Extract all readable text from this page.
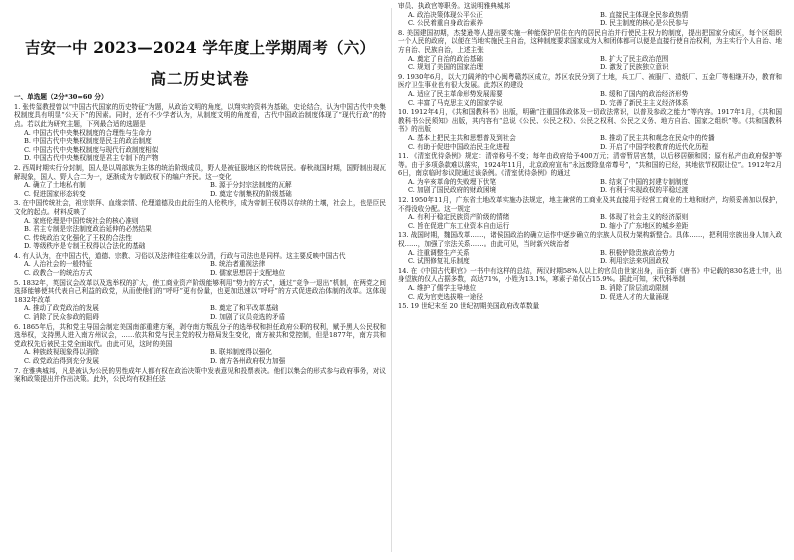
吉安一中 2023—2024 学年度上学期周考（六）
高二历史试卷
一、单选题（2分*30=60 分）

1. 张传玺教授曾以“中国古代国家的历史特征”为题，从政治文明的角度，以翔实的资料为基础，史论结合，认为中国古代中央集权制度具有明显“公天下”的因素。同时，还有不少学者认为，从制度文明的角度看，古代中国政治制度体现了“现代行政”的特点。若以此为研究主题，下列最合适的选题是

A. 中国古代中央集权制度的合理性与生命力
B. 中国古代中央集权制度是民主的政治制度
C. 中国古代中央集权制度与现代行政制度相似
D. 中国古代中央集权制度是君主专制下的产物

2. 西周时期实行分封制，国人是以周部族为主体的统治阶级成员，野人是被征服地区的传统居民。春秋战国时期，国野制出现瓦解现象，国人、野人合二为一，逐渐成为专制政权下的编户齐民。这一变化

A. 确立了土地私有制	B. 源于分封宗法制度的瓦解
C. 促进国家形态转变	D. 奠定专制集权的阶级基础

3. 在中国传统社会，祖宗崇拜、血缘亲情、伦理道德及由此衍生的人伦秩序，成为帝制王权得以存续的土壤，社会上，也是臣民文化的起点。材料反映了

A. 家庭伦理是中国传统社会的核心准则
B. 君主专制是宗法制度政治延伸的必然结果
C. 传统政治文化强化了王权的合法性
D. 等级秩序是专制王权得以合法化的基础

4. 有人认为，在中国古代，道德、宗教、习俗以及法律往往难以分清，行政与司法也是同样。这主要反映中国古代

A. 人治社会的一般特征	B. 统治者重视法律
C. 政教合一的统治方式	D. 儒家思想居于支配地位

5. 1832年，英国议会改革以及选举权的扩大，使工商业资产阶级能够利用“势力的方式”，通过“竞争一退出”机制，在两党之间选择能够使其代表自己利益的政党，从而使他们的“呼吁”更有份量，也更加迅速以“呼吁”的方式促进政治体制的改革。这体现1832年改革

A. 推动了政党政治的发展	B. 奠定了和平改革基础
C. 消除了民众参政的阻碍	D. 加剧了议员竞选的矛盾

6. 1865年后，共和党主导国会制定美国南部重建方案，剥夺南方叛乱分子的选举权和担任政府公职的权利，赋予黑人公民权和选举权，支持黑人进入南方州议会，……依共和党与民主党的权力格局发生变化，南方被共和党控制，但是1877年，南方共和党政权先后被民主党全面取代。由此可见，这时的美国

A. 种族歧视现象得以消除	B. 联邦制度得以强化
C. 政党政治得到充分发展	D. 南方各州政府权力加强

7. 在雅典城邦，凡是被认为公民的男性成年人都有权在政治决策中发表意见和投票表决。他们以集会的形式参与政府事务，对议案和政策提出并作出决策。此外，公民均有权担任法

审员、执政官等职务。这说明雅典城邦

A. 政治决策体现公平公正	B. 直接民主体现全民参政热情
C. 公民着重自身政治素养	D. 民主制度的核心是公民参与

8. 美国建国初期，杰斐逊等人提出要实施一种能保护居住在内的居民自治并行使民主权力的制度，提出把国家分成区，每个区组织一个人民的政府，以便在当地实施民主自治，这种制度要求国家成为人和团体都可以便是直接行使自治权利，为主实行个人自治、地方自治、民族自治，上述主张

A. 奠定了自治的政治基础	B. 扩大了民主政治范围
C. 规划了美国的国家治理	D. 激发了民族独立意识

9. 1930年6月，以大刀阔斧的中心闽粤赣苏区成立，苏区农民分到了土地，兵工厂、被服厂、造纸厂、五金厂等相继开办，教育和医疗卫生事业也有很大发展。此苏区的建设

A. 适应了民主革命形势发展需要	B. 缓和了国内的政治经济形势
C. 丰富了马克思主义的国家学说	D. 完善了新民主主义经济体系

10. 1912年4月，《共和国教科书》出版，明确“注重国体政体及一切政法常识，以普及参政之能力”等内容。1917年1月，《共和国教科书公民须知》出版，其内容有“总说《公民、公民之权》、公民之权利、公民之义务、地方自治、国家之组织”等。《共和国教科书》的出版

A. 基本上把民主共和思想普及到社会	B. 推动了民主共和观念在民众中的传播
C. 有助于促进中国政治民主化进程	D. 开启了中国学校教育的近代化历程

11. 《清室优待条例》规定：清帝称号不变；每年由政府给予400万元；清帝暂居宫禁，以后移居颐和园；原有私产由政府保护等等。由于多项条款难以落实，1924年11月，北京政府宣布“永远废除皇帝尊号”，“共和国的已经，其地依节权限让位”。1912年2月6日，南京临时参议院通过该条例。《清室优待条例》的通过

A. 为辛亥革命的失败埋下伏笔	B. 结束了中国的封建专制制度
C. 加剧了国民政府的财政困境	D. 有利于实现政权的平稳过渡

12. 1950年11月，广东省土地改革实施办法规定，地主兼营的工商业及其直接用于经营工商业的土地和财产，均须妥善加以保护，不得没收分配。这一规定

A. 有利于稳定民族资产阶级的情绪	B. 体现了社会主义的经济原则
C. 旨在促进广东工业资本自由运行	D. 缩小了广东地区的城乡差距

13. 战国时期，魏国改革……，诸侯国政治的确立运作中逐步确立的宗族人员权力架构新整合。具体……，把利用宗族出身人加入政权……，加强了宗法关系……。由此可见，当时新兴统治者

A. 注重调整生产关系	B. 积极铲除贵族政治势力
C. 试图修复礼乐制度	D. 利用宗法来巩固政权

14. 在《中国古代职官》一书中有这样的总结，两汉时期58%人以上的官员由世家出身，而在新《唐书》中记载的830名进士中，出身望族的仅人占据多数，高达71%，小姓为13.1%，寒素子弟仅占15.9%。据此可知，宋代科举制

A. 维护了儒学主导地位	B. 消除了阶层流动限制
C. 成为官吏选拔唯一途径	D. 促进人才的大量涌现

15. 19 世纪末至 20 世纪初期美国政府改革数量
